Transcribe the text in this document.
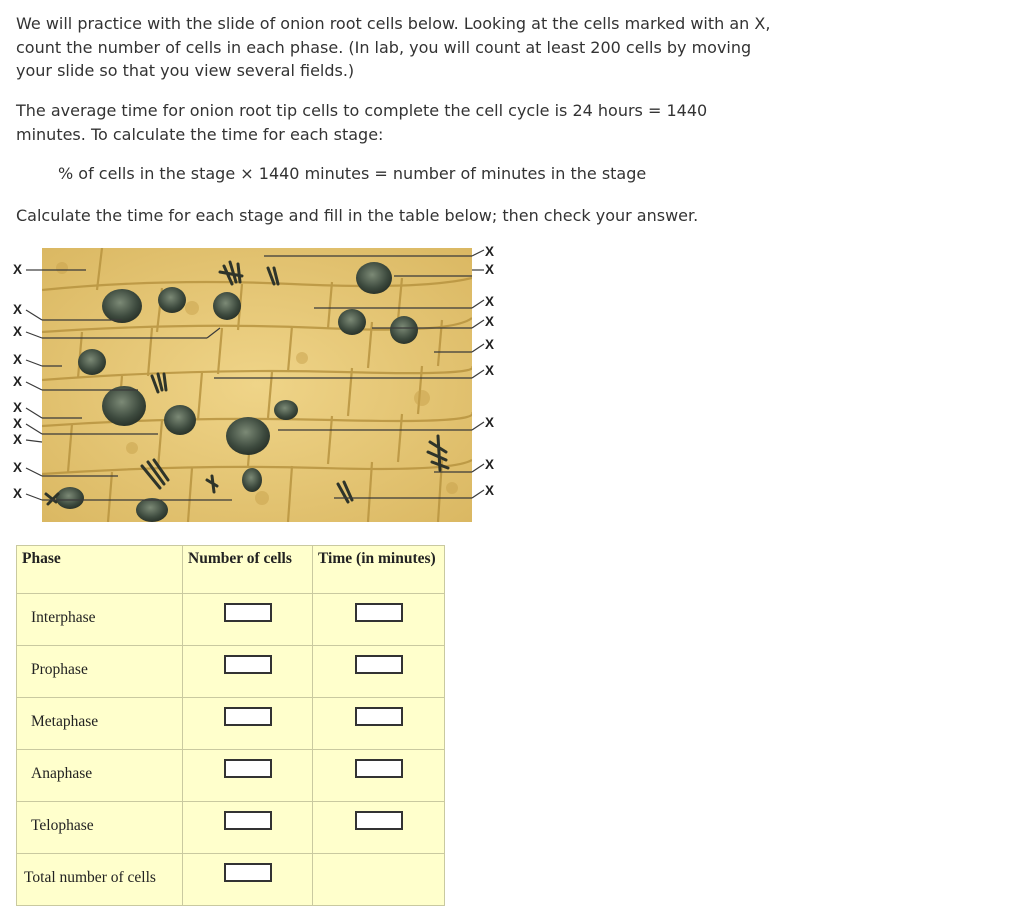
We will practice with the slide of onion root cells below. Looking at the cells marked with an X, count the number of cells in each phase. (In lab, you will count at least 200 cells by moving your slide so that you view several fields.)

The average time for onion root tip cells to complete the cell cycle is 24 hours = 1440 minutes. To calculate the time for each stage:

% of cells in the stage × 1440 minutes = number of minutes in the stage

Calculate the time for each stage and fill in the table below; then check your answer.

X
X
X
X
X
X
X
X
X
X
X
X
X
X
X
X
X
X
X
Phase	Number of cells	Time (in minutes)
Interphase		
Prophase		
Metaphase		
Anaphase		
Telophase		
Total number of cells		
